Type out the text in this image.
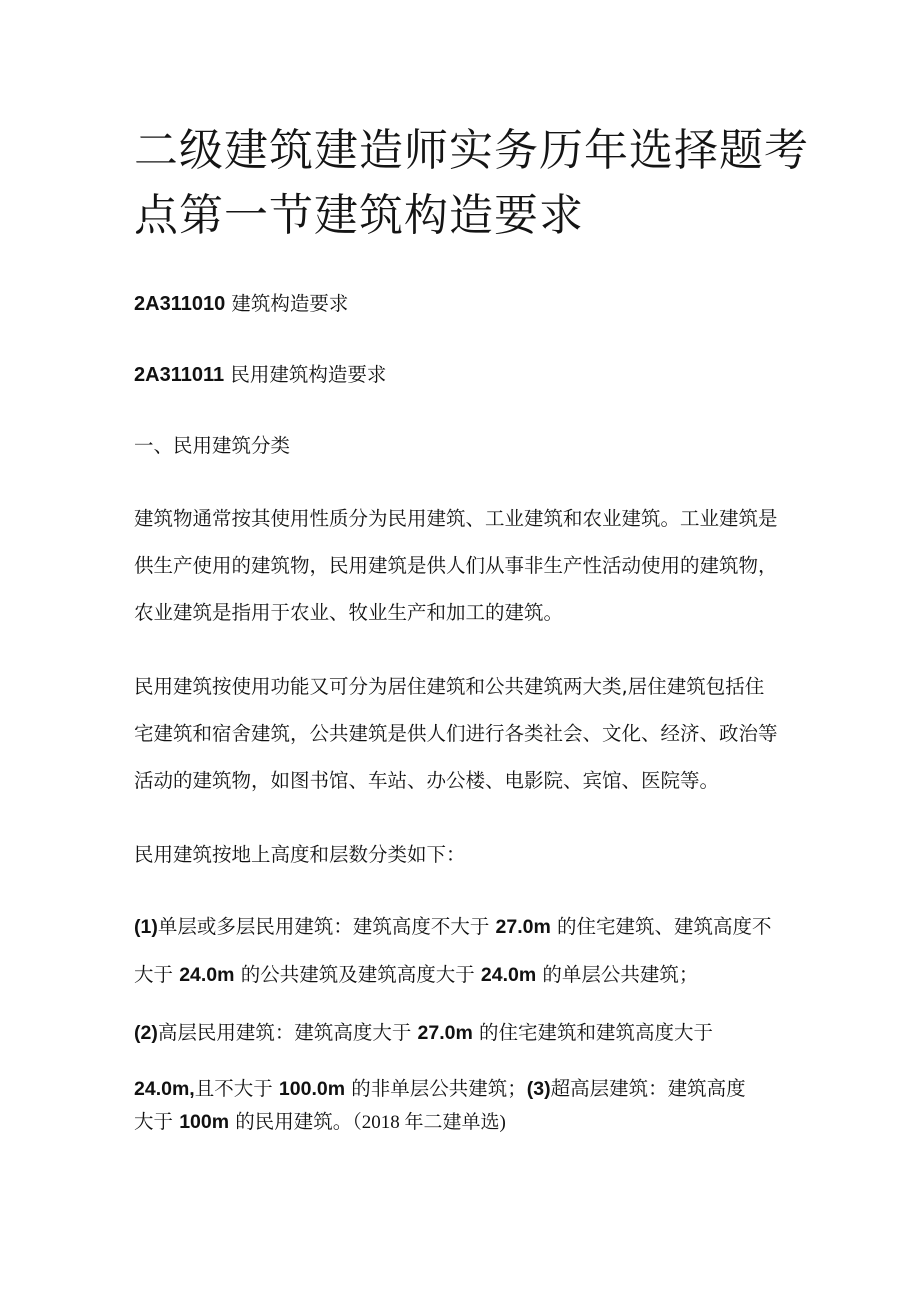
二级建筑建造师实务历年选择题考
点第一节建筑构造要求
2A311010 建筑构造要求
2A311011 民用建筑构造要求
一、民用建筑分类
建筑物通常按其使用性质分为民用建筑、工业建筑和农业建筑。工业建筑是
供生产使用的建筑物，民用建筑是供人们从事非生产性活动使用的建筑物，
农业建筑是指用于农业、牧业生产和加工的建筑。
民用建筑按使用功能又可分为居住建筑和公共建筑两大类,居住建筑包括住
宅建筑和宿舍建筑，公共建筑是供人们进行各类社会、文化、经济、政治等
活动的建筑物，如图书馆、车站、办公楼、电影院、宾馆、医院等。
民用建筑按地上高度和层数分类如下：
(1)单层或多层民用建筑：建筑高度不大于 27.0m 的住宅建筑、建筑高度不
大于 24.0m 的公共建筑及建筑高度大于 24.0m 的单层公共建筑；
(2)高层民用建筑：建筑高度大于 27.0m 的住宅建筑和建筑高度大于
24.0m,且不大于 100.0m 的非单层公共建筑；(3)超高层建筑：建筑高度
大于 100m 的民用建筑。（2018 年二建单选)
